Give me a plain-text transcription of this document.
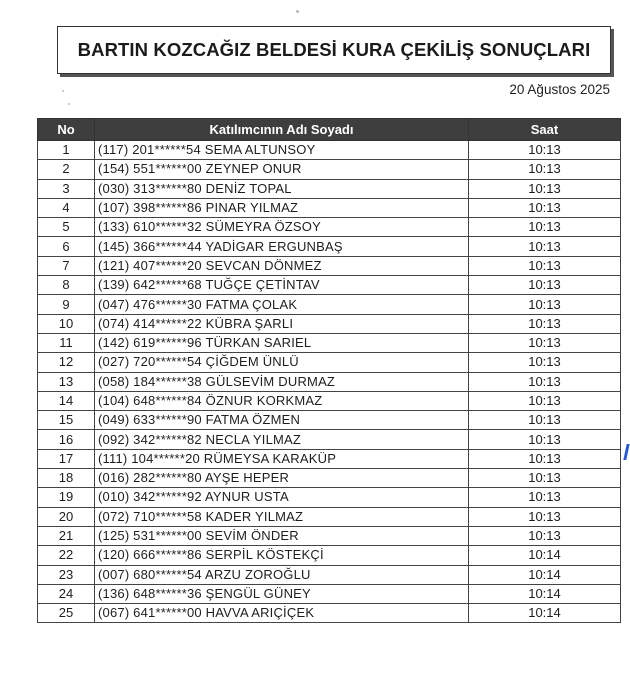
BARTIN KOZCAĞIZ BELDESİ KURA ÇEKİLİŞ SONUÇLARI
20 Ağustos 2025
No	Katılımcının Adı Soyadı	Saat
1	(117) 201******54 SEMA ALTUNSOY	10:13
2	(154) 551******00 ZEYNEP ONUR	10:13
3	(030) 313******80 DENİZ TOPAL	10:13
4	(107) 398******86 PINAR YILMAZ	10:13
5	(133) 610******32 SÜMEYRA ÖZSOY	10:13
6	(145) 366******44 YADİGAR ERGUNBAŞ	10:13
7	(121) 407******20 SEVCAN DÖNMEZ	10:13
8	(139) 642******68 TUĞÇE ÇETİNTAV	10:13
9	(047) 476******30 FATMA ÇOLAK	10:13
10	(074) 414******22 KÜBRA ŞARLI	10:13
11	(142) 619******96 TÜRKAN SARIEL	10:13
12	(027) 720******54 ÇİĞDEM ÜNLÜ	10:13
13	(058) 184******38 GÜLSEVİM DURMAZ	10:13
14	(104) 648******84 ÖZNUR KORKMAZ	10:13
15	(049) 633******90 FATMA ÖZMEN	10:13
16	(092) 342******82 NECLA YILMAZ	10:13
17	(111) 104******20 RÜMEYSA KARAKÜP	10:13
18	(016) 282******80 AYŞE HEPER	10:13
19	(010) 342******92 AYNUR USTA	10:13
20	(072) 710******58 KADER YILMAZ	10:13
21	(125) 531******00 SEVİM ÖNDER	10:13
22	(120) 666******86 SERPİL KÖSTEKÇİ	10:14
23	(007) 680******54 ARZU ZOROĞLU	10:14
24	(136) 648******36 ŞENGÜL GÜNEY	10:14
25	(067) 641******00 HAVVA ARIÇİÇEK	10:14
